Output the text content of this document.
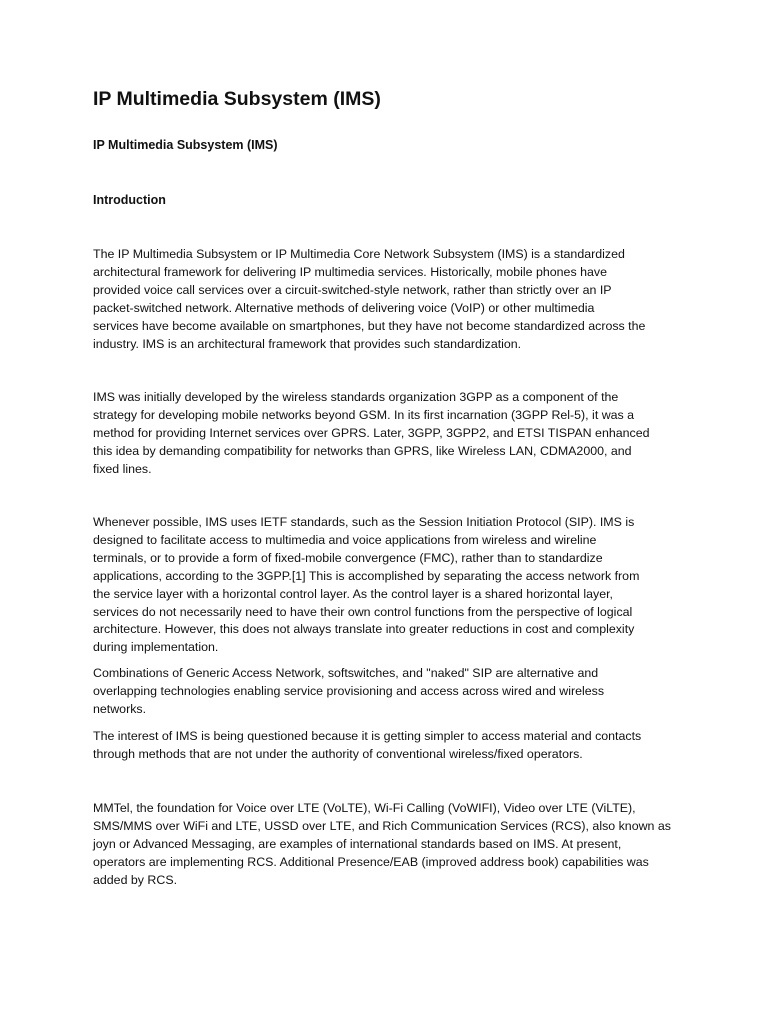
IP Multimedia Subsystem (IMS)
IP Multimedia Subsystem (IMS)
Introduction

The IP Multimedia Subsystem or IP Multimedia Core Network Subsystem (IMS) is a standardized
architectural framework for delivering IP multimedia services. Historically, mobile phones have
provided voice call services over a circuit-switched-style network, rather than strictly over an IP
packet-switched network. Alternative methods of delivering voice (VoIP) or other multimedia
services have become available on smartphones, but they have not become standardized across the
industry. IMS is an architectural framework that provides such standardization.

IMS was initially developed by the wireless standards organization 3GPP as a component of the
strategy for developing mobile networks beyond GSM. In its first incarnation (3GPP Rel-5), it was a
method for providing Internet services over GPRS. Later, 3GPP, 3GPP2, and ETSI TISPAN enhanced
this idea by demanding compatibility for networks than GPRS, like Wireless LAN, CDMA2000, and
fixed lines.

Whenever possible, IMS uses IETF standards, such as the Session Initiation Protocol (SIP). IMS is
designed to facilitate access to multimedia and voice applications from wireless and wireline
terminals, or to provide a form of fixed-mobile convergence (FMC), rather than to standardize
applications, according to the 3GPP.[1] This is accomplished by separating the access network from
the service layer with a horizontal control layer. As the control layer is a shared horizontal layer,
services do not necessarily need to have their own control functions from the perspective of logical
architecture. However, this does not always translate into greater reductions in cost and complexity
during implementation.

Combinations of Generic Access Network, softswitches, and "naked" SIP are alternative and
overlapping technologies enabling service provisioning and access across wired and wireless
networks.

The interest of IMS is being questioned because it is getting simpler to access material and contacts
through methods that are not under the authority of conventional wireless/fixed operators.

MMTel, the foundation for Voice over LTE (VoLTE), Wi-Fi Calling (VoWIFI), Video over LTE (ViLTE),
SMS/MMS over WiFi and LTE, USSD over LTE, and Rich Communication Services (RCS), also known as
joyn or Advanced Messaging, are examples of international standards based on IMS. At present,
operators are implementing RCS. Additional Presence/EAB (improved address book) capabilities was
added by RCS.
